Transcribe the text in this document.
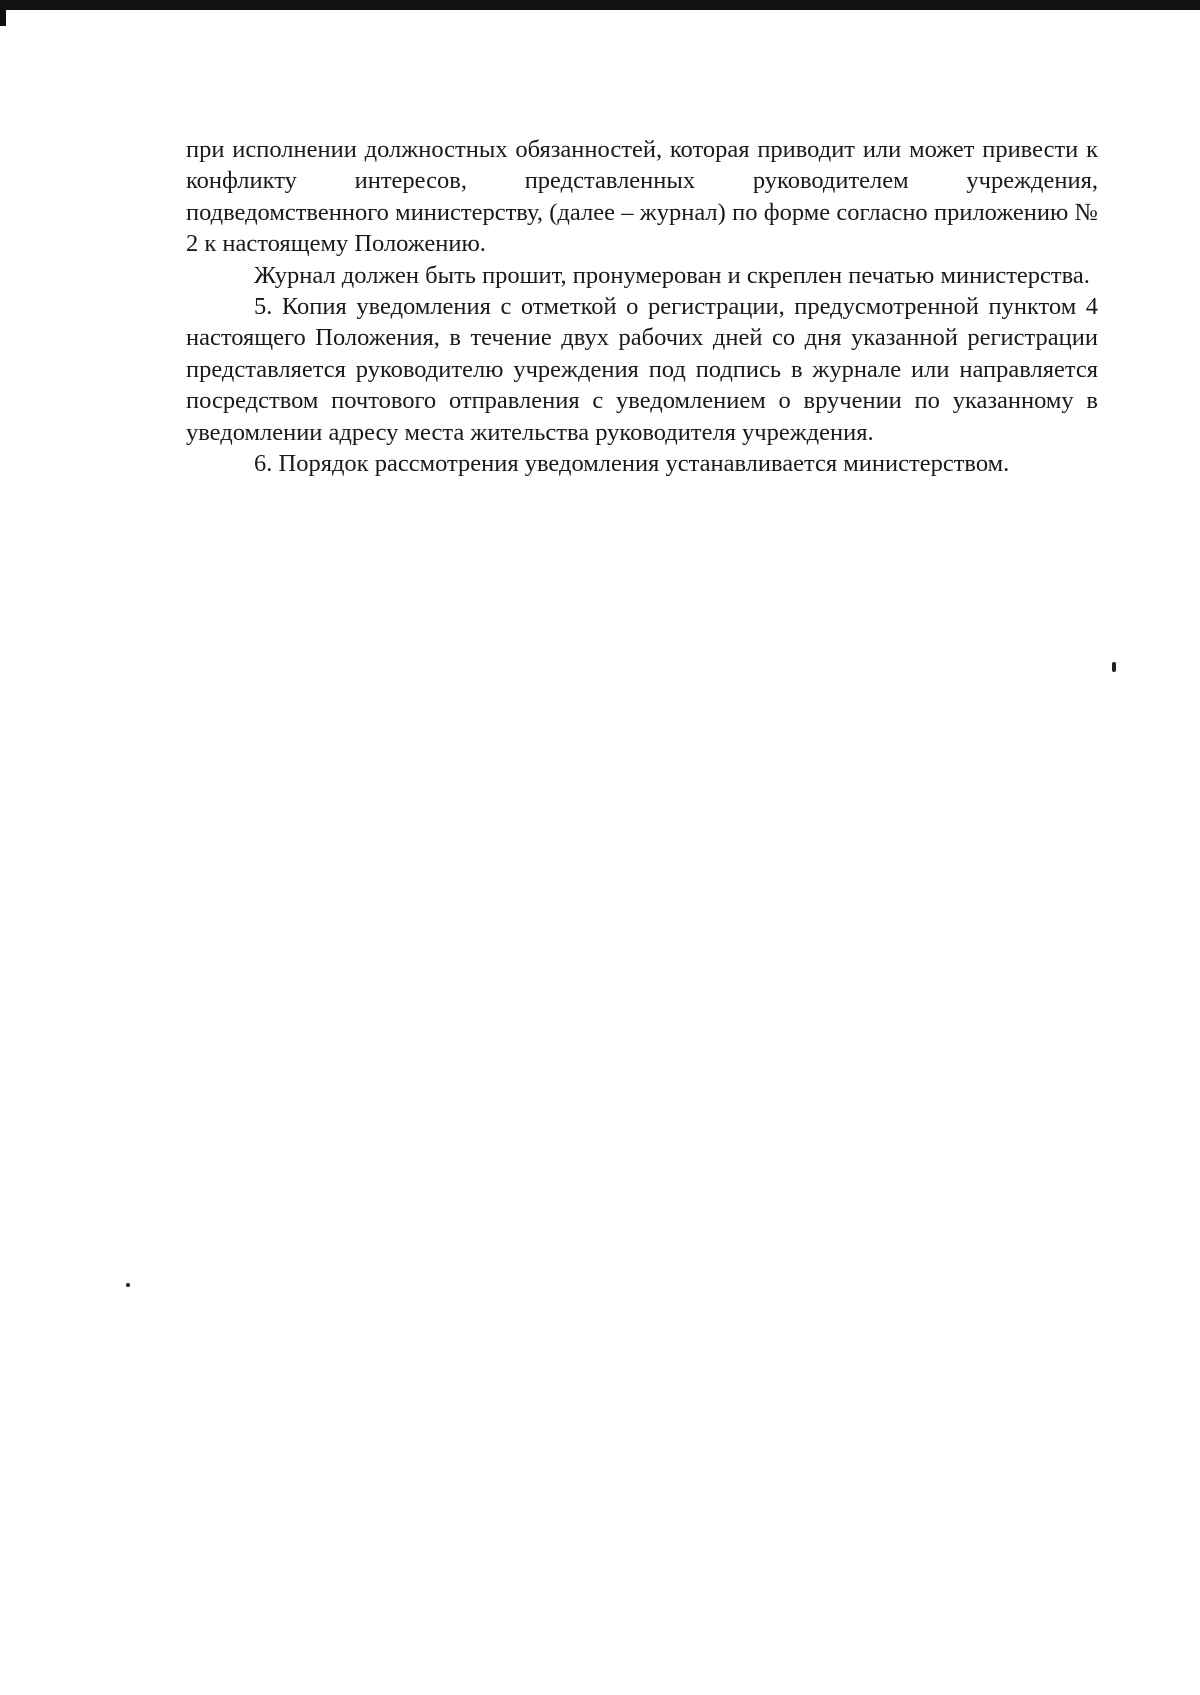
при исполнении должностных обязанностей, которая приводит или может привести к конфликту интересов, представленных руководителем учреждения, подведомственного министерству, (далее – журнал) по форме согласно приложению № 2 к настоящему Положению.

Журнал должен быть прошит, пронумерован и скреплен печатью министерства.

5. Копия уведомления с отметкой о регистрации, предусмотренной пунктом 4 настоящего Положения, в течение двух рабочих дней со дня указанной регистрации представляется руководителю учреждения под подпись в журнале или направляется посредством почтового отправления с уведомлением о вручении по указанному в уведомлении адресу места жительства руководителя учреждения.

6. Порядок рассмотрения уведомления устанавливается министерством.
